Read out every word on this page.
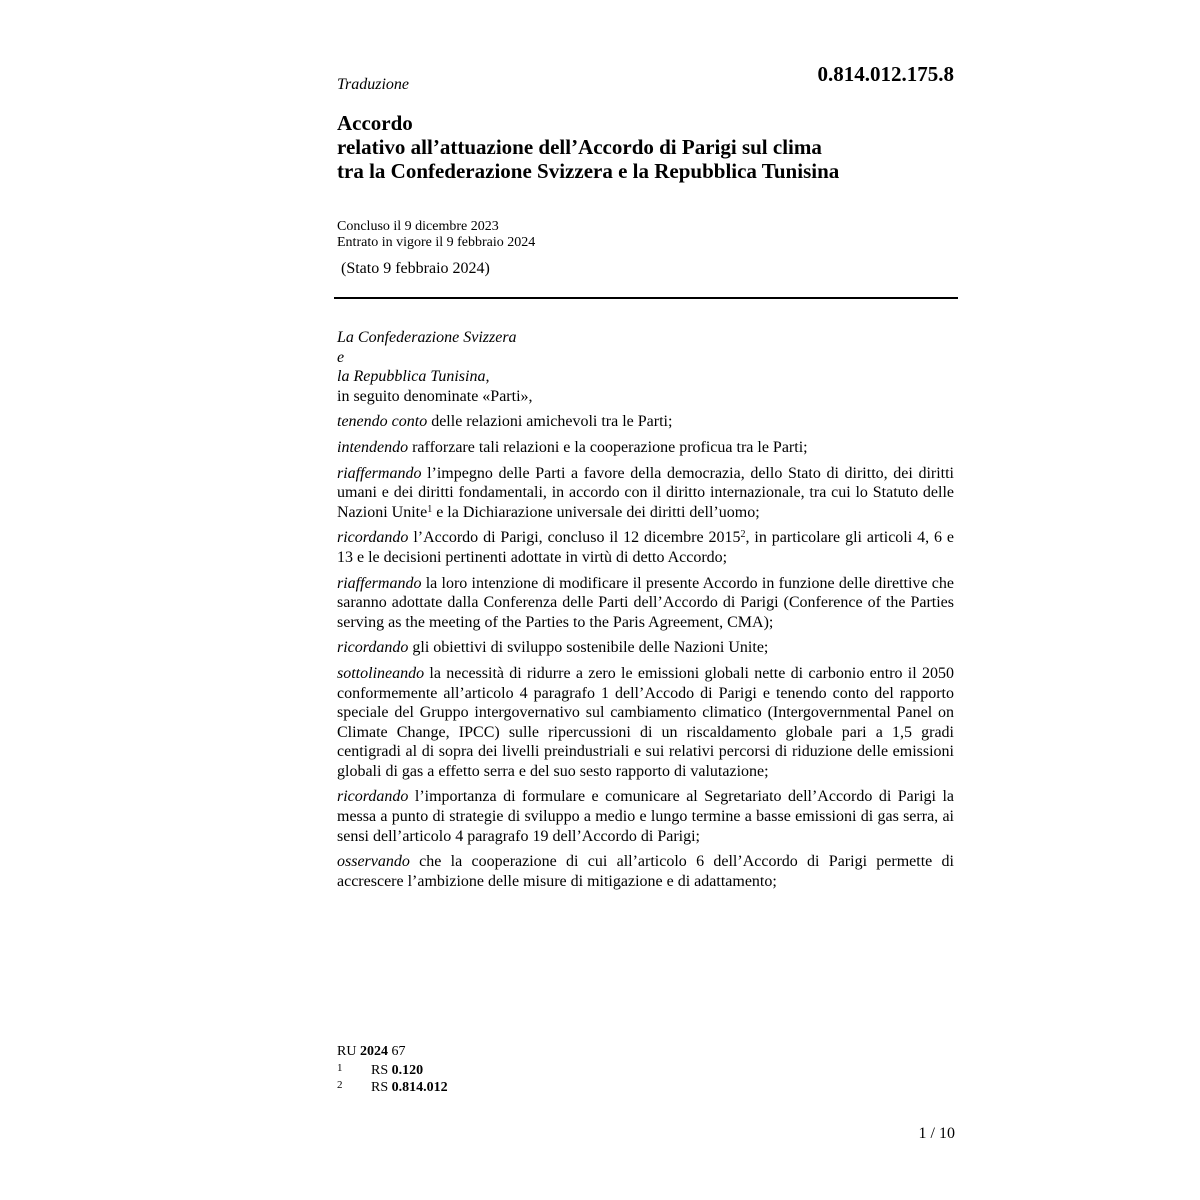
0.814.012.175.8
Traduzione
Accordo
relativo all’attuazione dell’Accordo di Parigi sul clima
tra la Confederazione Svizzera e la Repubblica Tunisina
Concluso il 9 dicembre 2023
Entrato in vigore il 9 febbraio 2024
(Stato 9 febbraio 2024)
La Confederazione Svizzera
e
la Repubblica Tunisina,
in seguito denominate «Parti»,

tenendo conto delle relazioni amichevoli tra le Parti;

intendendo rafforzare tali relazioni e la cooperazione proficua tra le Parti;

riaffermando l’impegno delle Parti a favore della democrazia, dello Stato di diritto, dei diritti umani e dei diritti fondamentali, in accordo con il diritto internazionale, tra cui lo Statuto delle Nazioni Unite$^1$ e la Dichiarazione universale dei diritti dell’uomo;

ricordando l’Accordo di Parigi, concluso il 12 dicembre 2015$^2$, in particolare gli articoli 4, 6 e 13 e le decisioni pertinenti adottate in virtù di detto Accordo;

riaffermando la loro intenzione di modificare il presente Accordo in funzione delle direttive che saranno adottate dalla Conferenza delle Parti dell’Accordo di Parigi (Conference of the Parties serving as the meeting of the Parties to the Paris Agreement, CMA);

ricordando gli obiettivi di sviluppo sostenibile delle Nazioni Unite;

sottolineando la necessità di ridurre a zero le emissioni globali nette di carbonio entro il 2050 conformemente all’articolo 4 paragrafo 1 dell’Accodo di Parigi e tenendo conto del rapporto speciale del Gruppo intergovernativo sul cambiamento climatico (Intergovernmental Panel on Climate Change, IPCC) sulle ripercussioni di un riscaldamento globale pari a 1,5 gradi centigradi al di sopra dei livelli preindustriali e sui relativi percorsi di riduzione delle emissioni globali di gas a effetto serra e del suo sesto rapporto di valutazione;

ricordando l’importanza di formulare e comunicare al Segretariato dell’Accordo di Parigi la messa a punto di strategie di sviluppo a medio e lungo termine a basse emissioni di gas serra, ai sensi dell’articolo 4 paragrafo 19 dell’Accordo di Parigi;

osservando che la cooperazione di cui all’articolo 6 dell’Accordo di Parigi permette di accrescere l’ambizione delle misure di mitigazione e di adattamento;

RU 2024 67
1	RS 0.120
2	RS 0.814.012
1 / 10
